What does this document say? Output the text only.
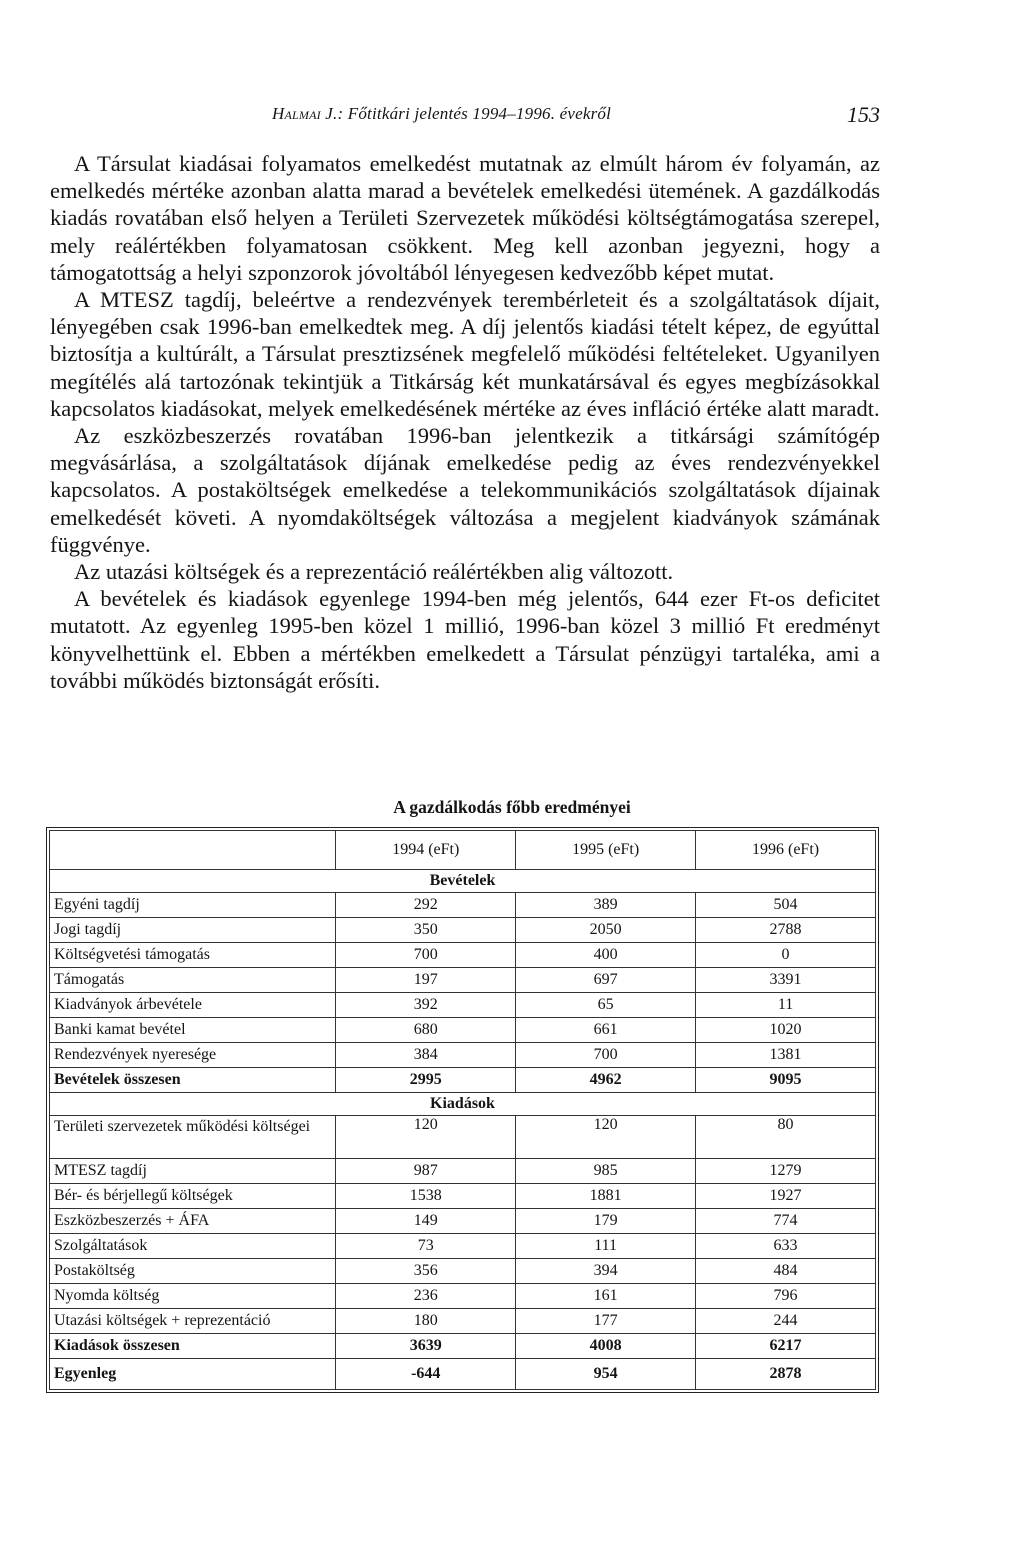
Halmai J.: Főtitkári jelentés 1994–1996. évekről	153

A Társulat kiadásai folyamatos emelkedést mutatnak az elmúlt három év folyamán, az emelkedés mértéke azonban alatta marad a bevételek emelkedési ütemének. A gazdálkodás kiadás rovatában első helyen a Területi Szervezetek működési költségtámogatása szerepel, mely reálértékben folyamatosan csökkent. Meg kell azonban jegyezni, hogy a támogatottság a helyi szponzorok jóvoltából lényegesen kedvezőbb képet mutat.

A MTESZ tagdíj, beleértve a rendezvények terembérleteit és a szolgáltatások díjait, lényegében csak 1996-ban emelkedtek meg. A díj jelentős kiadási tételt képez, de egyúttal biztosítja a kultúrált, a Társulat presztizsének megfelelő működési feltételeket. Ugyanilyen megítélés alá tartozónak tekintjük a Titkárság két munkatársával és egyes megbízásokkal kapcsolatos kiadásokat, melyek emelkedésének mértéke az éves infláció értéke alatt maradt.

Az eszközbeszerzés rovatában 1996-ban jelentkezik a titkársági számítógép megvásárlása, a szolgáltatások díjának emelkedése pedig az éves rendezvényekkel kapcsolatos. A postaköltségek emelkedése a telekommunikációs szolgáltatások díjainak emelkedését követi. A nyomdaköltségek változása a megjelent kiadványok számának függvénye.

Az utazási költségek és a reprezentáció reálértékben alig változott.

A bevételek és kiadások egyenlege 1994-ben még jelentős, 644 ezer Ft-os deficitet mutatott. Az egyenleg 1995-ben közel 1 millió, 1996-ban közel 3 millió Ft eredményt könyvelhettünk el. Ebben a mértékben emelkedett a Társulat pénzügyi tartaléka, ami a további működés biztonságát erősíti.

A gazdálkodás főbb eredményei
	1994 (eFt)	1995 (eFt)	1996 (eFt)
Bevételek			
Egyéni tagdíj	292	389	504
Jogi tagdíj	350	2050	2788
Költségvetési támogatás	700	400	0
Támogatás	197	697	3391
Kiadványok árbevétele	392	65	11
Banki kamat bevétel	680	661	1020
Rendezvények nyeresége	384	700	1381
Bevételek összesen	2995	4962	9095
Kiadások			
Területi szervezetek működési költségei	120	120	80
MTESZ tagdíj	987	985	1279
Bér- és bérjellegű költségek	1538	1881	1927
Eszközbeszerzés + ÁFA	149	179	774
Szolgáltatások	73	111	633
Postaköltség	356	394	484
Nyomda költség	236	161	796
Utazási költségek + reprezentáció	180	177	244
Kiadások összesen	3639	4008	6217
Egyenleg	-644	954	2878
